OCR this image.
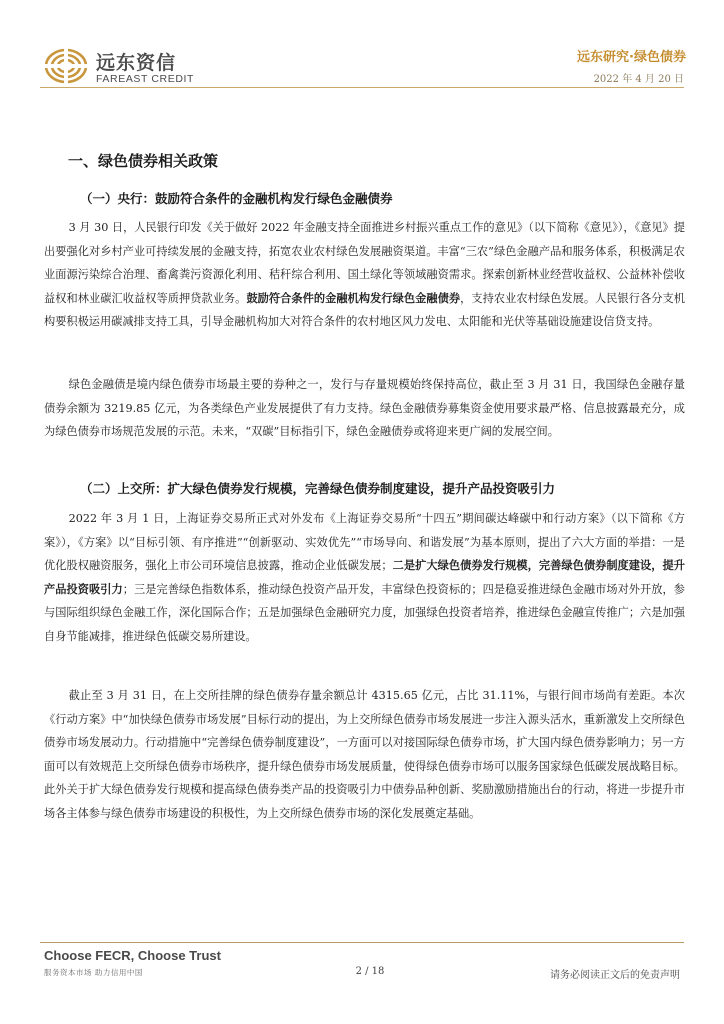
远东资信
FAREAST CREDIT
远东研究·绿色债券
2022 年 4 月 20 日
一、绿色债券相关政策
（一）央行：鼓励符合条件的金融机构发行绿色金融债券

3 月 30 日，人民银行印发《关于做好 2022 年金融支持全面推进乡村振兴重点工作的意见》（以下简称《意见》），《意见》提出要强化对乡村产业可持续发展的金融支持，拓宽农业农村绿色发展融资渠道。丰富“三农”绿色金融产品和服务体系，积极满足农业面源污染综合治理、畜禽粪污资源化利用、秸秆综合利用、国土绿化等领域融资需求。探索创新林业经营收益权、公益林补偿收益权和林业碳汇收益权等质押贷款业务。鼓励符合条件的金融机构发行绿色金融债券，支持农业农村绿色发展。人民银行各分支机构要积极运用碳减排支持工具，引导金融机构加大对符合条件的农村地区风力发电、太阳能和光伏等基础设施建设信贷支持。

绿色金融债是境内绿色债券市场最主要的券种之一，发行与存量规模始终保持高位，截止至 3 月 31 日，我国绿色金融存量债券余额为 3219.85 亿元，为各类绿色产业发展提供了有力支持。绿色金融债券募集资金使用要求最严格、信息披露最充分，成为绿色债券市场规范发展的示范。未来，“双碳”目标指引下，绿色金融债券或将迎来更广阔的发展空间。

（二）上交所：扩大绿色债券发行规模，完善绿色债券制度建设，提升产品投资吸引力

2022 年 3 月 1 日，上海证券交易所正式对外发布《上海证券交易所“十四五”期间碳达峰碳中和行动方案》（以下简称《方案》），《方案》以“目标引领、有序推进”“创新驱动、实效优先”“市场导向、和谐发展”为基本原则，提出了六大方面的举措：一是优化股权融资服务，强化上市公司环境信息披露，推动企业低碳发展；二是扩大绿色债券发行规模，完善绿色债券制度建设，提升产品投资吸引力；三是完善绿色指数体系，推动绿色投资产品开发，丰富绿色投资标的；四是稳妥推进绿色金融市场对外开放，参与国际组织绿色金融工作，深化国际合作；五是加强绿色金融研究力度，加强绿色投资者培养，推进绿色金融宣传推广；六是加强自身节能减排，推进绿色低碳交易所建设。

截止至 3 月 31 日，在上交所挂牌的绿色债券存量余额总计 4315.65 亿元，占比 31.11%，与银行间市场尚有差距。本次《行动方案》中“加快绿色债券市场发展”目标行动的提出，为上交所绿色债券市场发展进一步注入源头活水，重新激发上交所绿色债券市场发展动力。行动措施中“完善绿色债券制度建设”，一方面可以对接国际绿色债券市场，扩大国内绿色债券影响力；另一方面可以有效规范上交所绿色债券市场秩序，提升绿色债券市场发展质量，使得绿色债券市场可以服务国家绿色低碳发展战略目标。此外关于扩大绿色债券发行规模和提高绿色债券类产品的投资吸引力中债券品种创新、奖励激励措施出台的行动，将进一步提升市场各主体参与绿色债券市场建设的积极性，为上交所绿色债券市场的深化发展奠定基础。

Choose FECR, Choose Trust
服务资本市场 助力信用中国	2 / 18	请务必阅读正文后的免责声明
